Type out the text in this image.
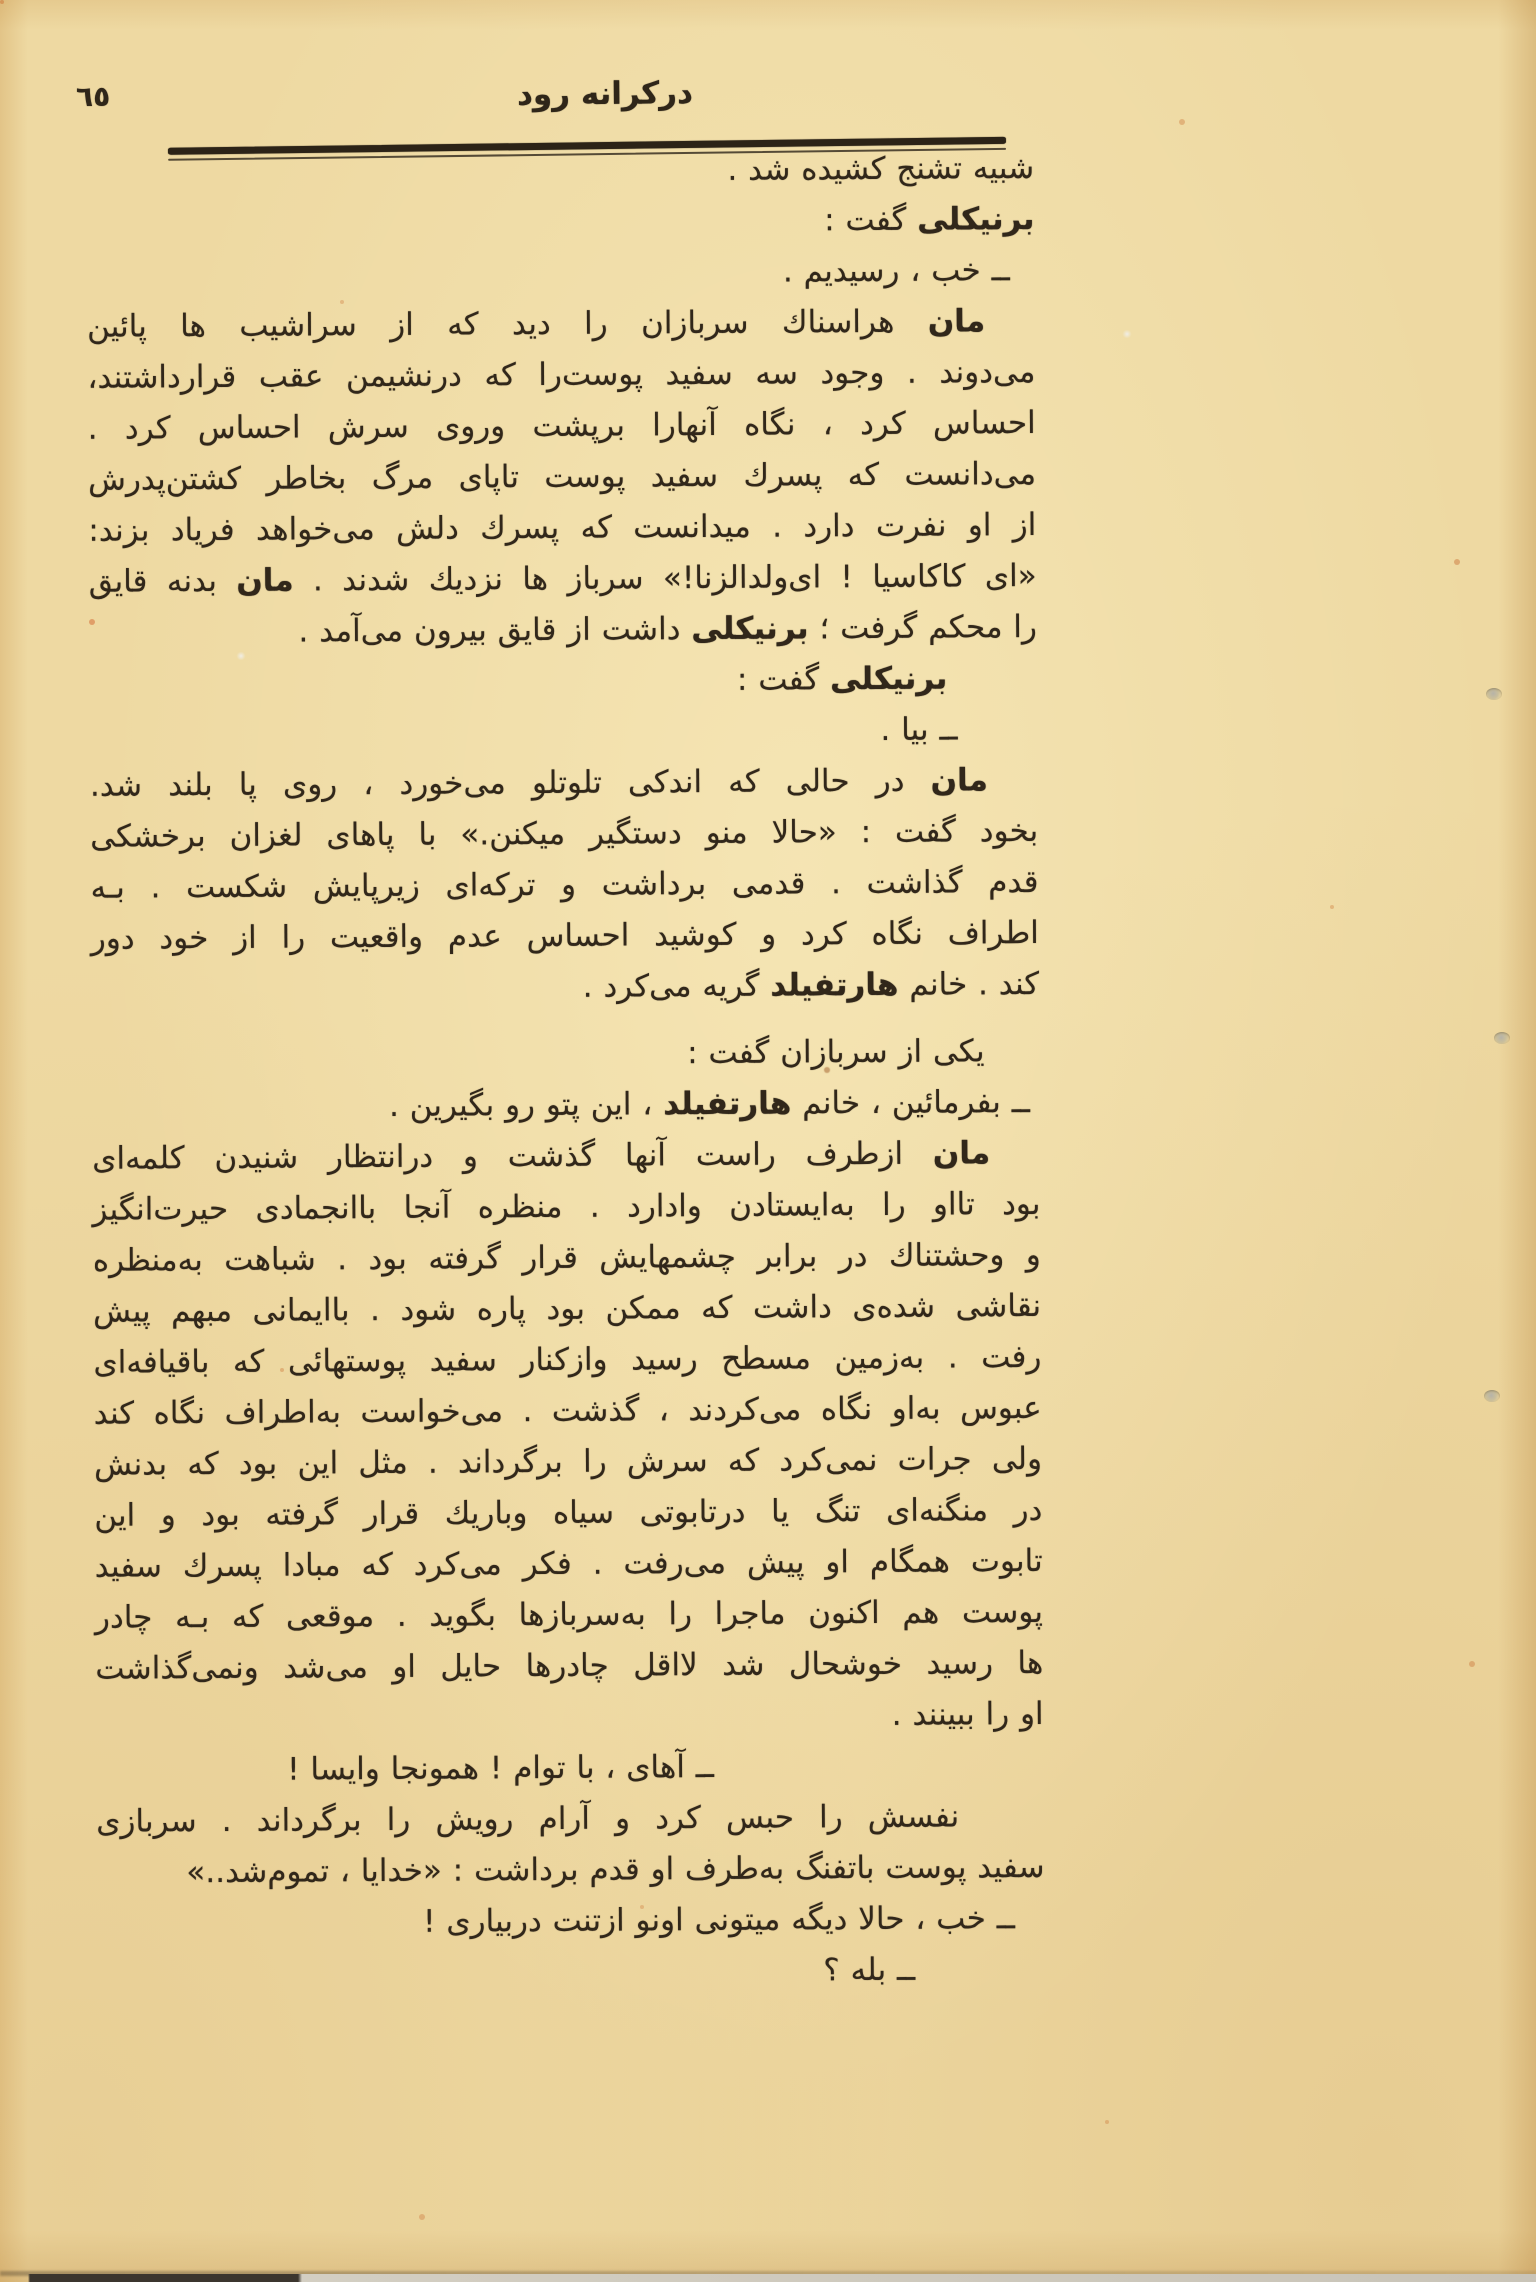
٦٥	درکرانه رود
شبیه تشنج کشیده شد .
برنیکلی گفت :
ــ خب ، رسیدیم .
مان هراسناك سربازان را دید که از سراشیب ها پائین
می‌دوند . وجود سه سفید پوست‌را که درنشیمن عقب قرارداشتند،
احساس کرد ، نگاه آنهارا برپشت وروی سرش احساس کرد .
می‌دانست که پسرك سفید پوست تاپای مرگ بخاطر کشتن‌پدرش
از او نفرت دارد . میدانست که پسرك دلش می‌خواهد فریاد بزند:
«ای کاکاسیا ! ای‌ولدالزنا!» سرباز ها نزدیك شدند . مان بدنه قایق
را محکم گرفت ؛ برنیکلی داشت از قایق بیرون می‌آمد .
برنیکلی گفت :
ــ بیا .
مان در حالی که اندکی تلوتلو می‌خورد ، روی پا بلند شد.
بخود گفت : «حالا منو دستگیر میکنن.» با پاهای لغزان برخشکی
قدم گذاشت . قدمی برداشت و ترکه‌ای زیرپایش شکست . بـه
اطراف نگاه کرد و کوشید احساس عدم واقعیت را از خود دور
کند . خانم هارتفیلد گریه می‌کرد .
یکی از سربازان گفت :
ــ بفرمائین ، خانم هارتفیلد ، این پتو رو بگیرین .
مان ازطرف راست آنها گذشت و درانتظار شنیدن کلمه‌ای
بود تااو را به‌ایستادن وادارد . منظره آنجا باانجمادی حیرت‌انگیز
و وحشتناك در برابر چشمهایش قرار گرفته بود . شباهت به‌منظره
نقاشی شده‌ی داشت که ممکن بود پاره شود . باایمانی مبهم پیش
رفت . به‌زمین مسطح رسید وازکنار سفید پوستهائی که باقیافه‌ای
عبوس به‌او نگاه می‌کردند ، گذشت . می‌خواست به‌اطراف نگاه کند
ولی جرات نمی‌کرد که سرش را برگرداند . مثل این بود که بدنش
در منگنه‌ای تنگ یا درتابوتی سیاه وباریك قرار گرفته بود و این
تابوت همگام او پیش می‌رفت . فکر می‌کرد که مبادا پسرك سفید
پوست هم اکنون ماجرا را به‌سربازها بگوید . موقعی که بـه چادر
ها رسید خوشحال شد لااقل چادرها حایل او می‌شد ونمی‌گذاشت
او را ببینند .
ــ آهای ، با توام ! همونجا وایسا !
نفسش را حبس کرد و آرام رویش را برگرداند . سربازی
سفید پوست باتفنگ به‌طرف او قدم برداشت : «خدایا ، تموم‌شد..»
ــ خب ، حالا دیگه میتونی اونو ازتنت دربیاری !
ــ بله ؟
